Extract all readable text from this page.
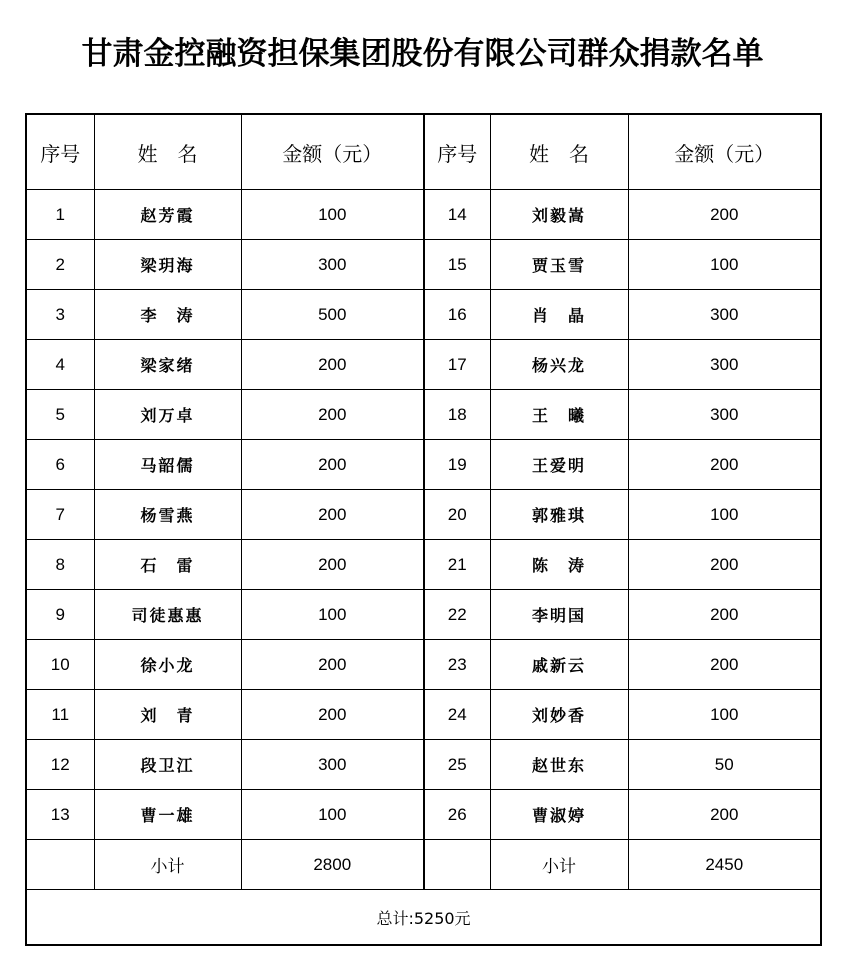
甘肃金控融资担保集团股份有限公司群众捐款名单
序号	姓　名	金额（元）	序号	姓　名	金额（元）
1	赵芳霞	100	14	刘毅嵩	200
2	梁玥海	300	15	贾玉雪	100
3	李　涛	500	16	肖　晶	300
4	梁家绪	200	17	杨兴龙	300
5	刘万卓	200	18	王　曦	300
6	马韶儒	200	19	王爱明	200
7	杨雪燕	200	20	郭雅琪	100
8	石　雷	200	21	陈　涛	200
9	司徒惠惠	100	22	李明国	200
10	徐小龙	200	23	戚新云	200
11	刘　青	200	24	刘妙香	100
12	段卫江	300	25	赵世东	50
13	曹一雄	100	26	曹淑婷	200
	小计	2800		小计	2450
总计:5250元					
